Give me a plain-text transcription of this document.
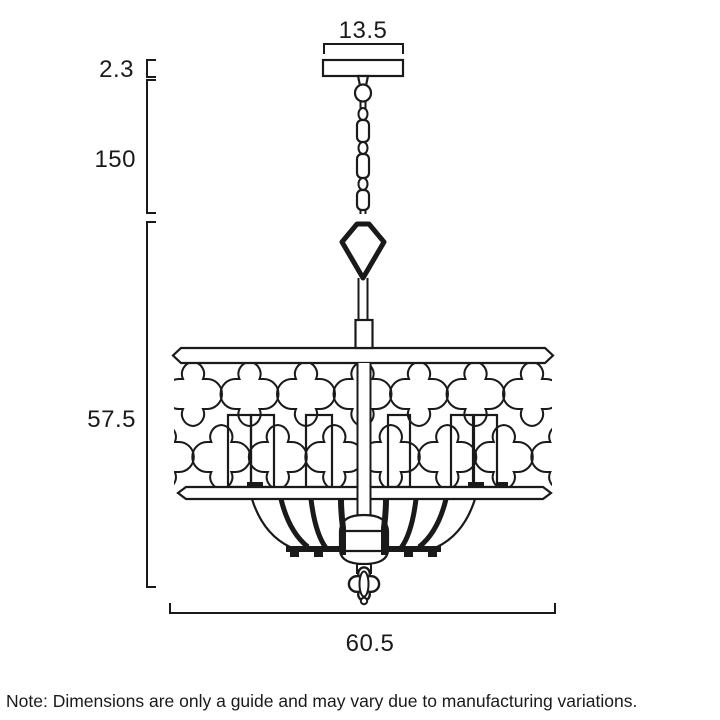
13.5
2.3
150
57.5
60.5
Note: Dimensions are only a guide and may vary due to manufacturing variations.
